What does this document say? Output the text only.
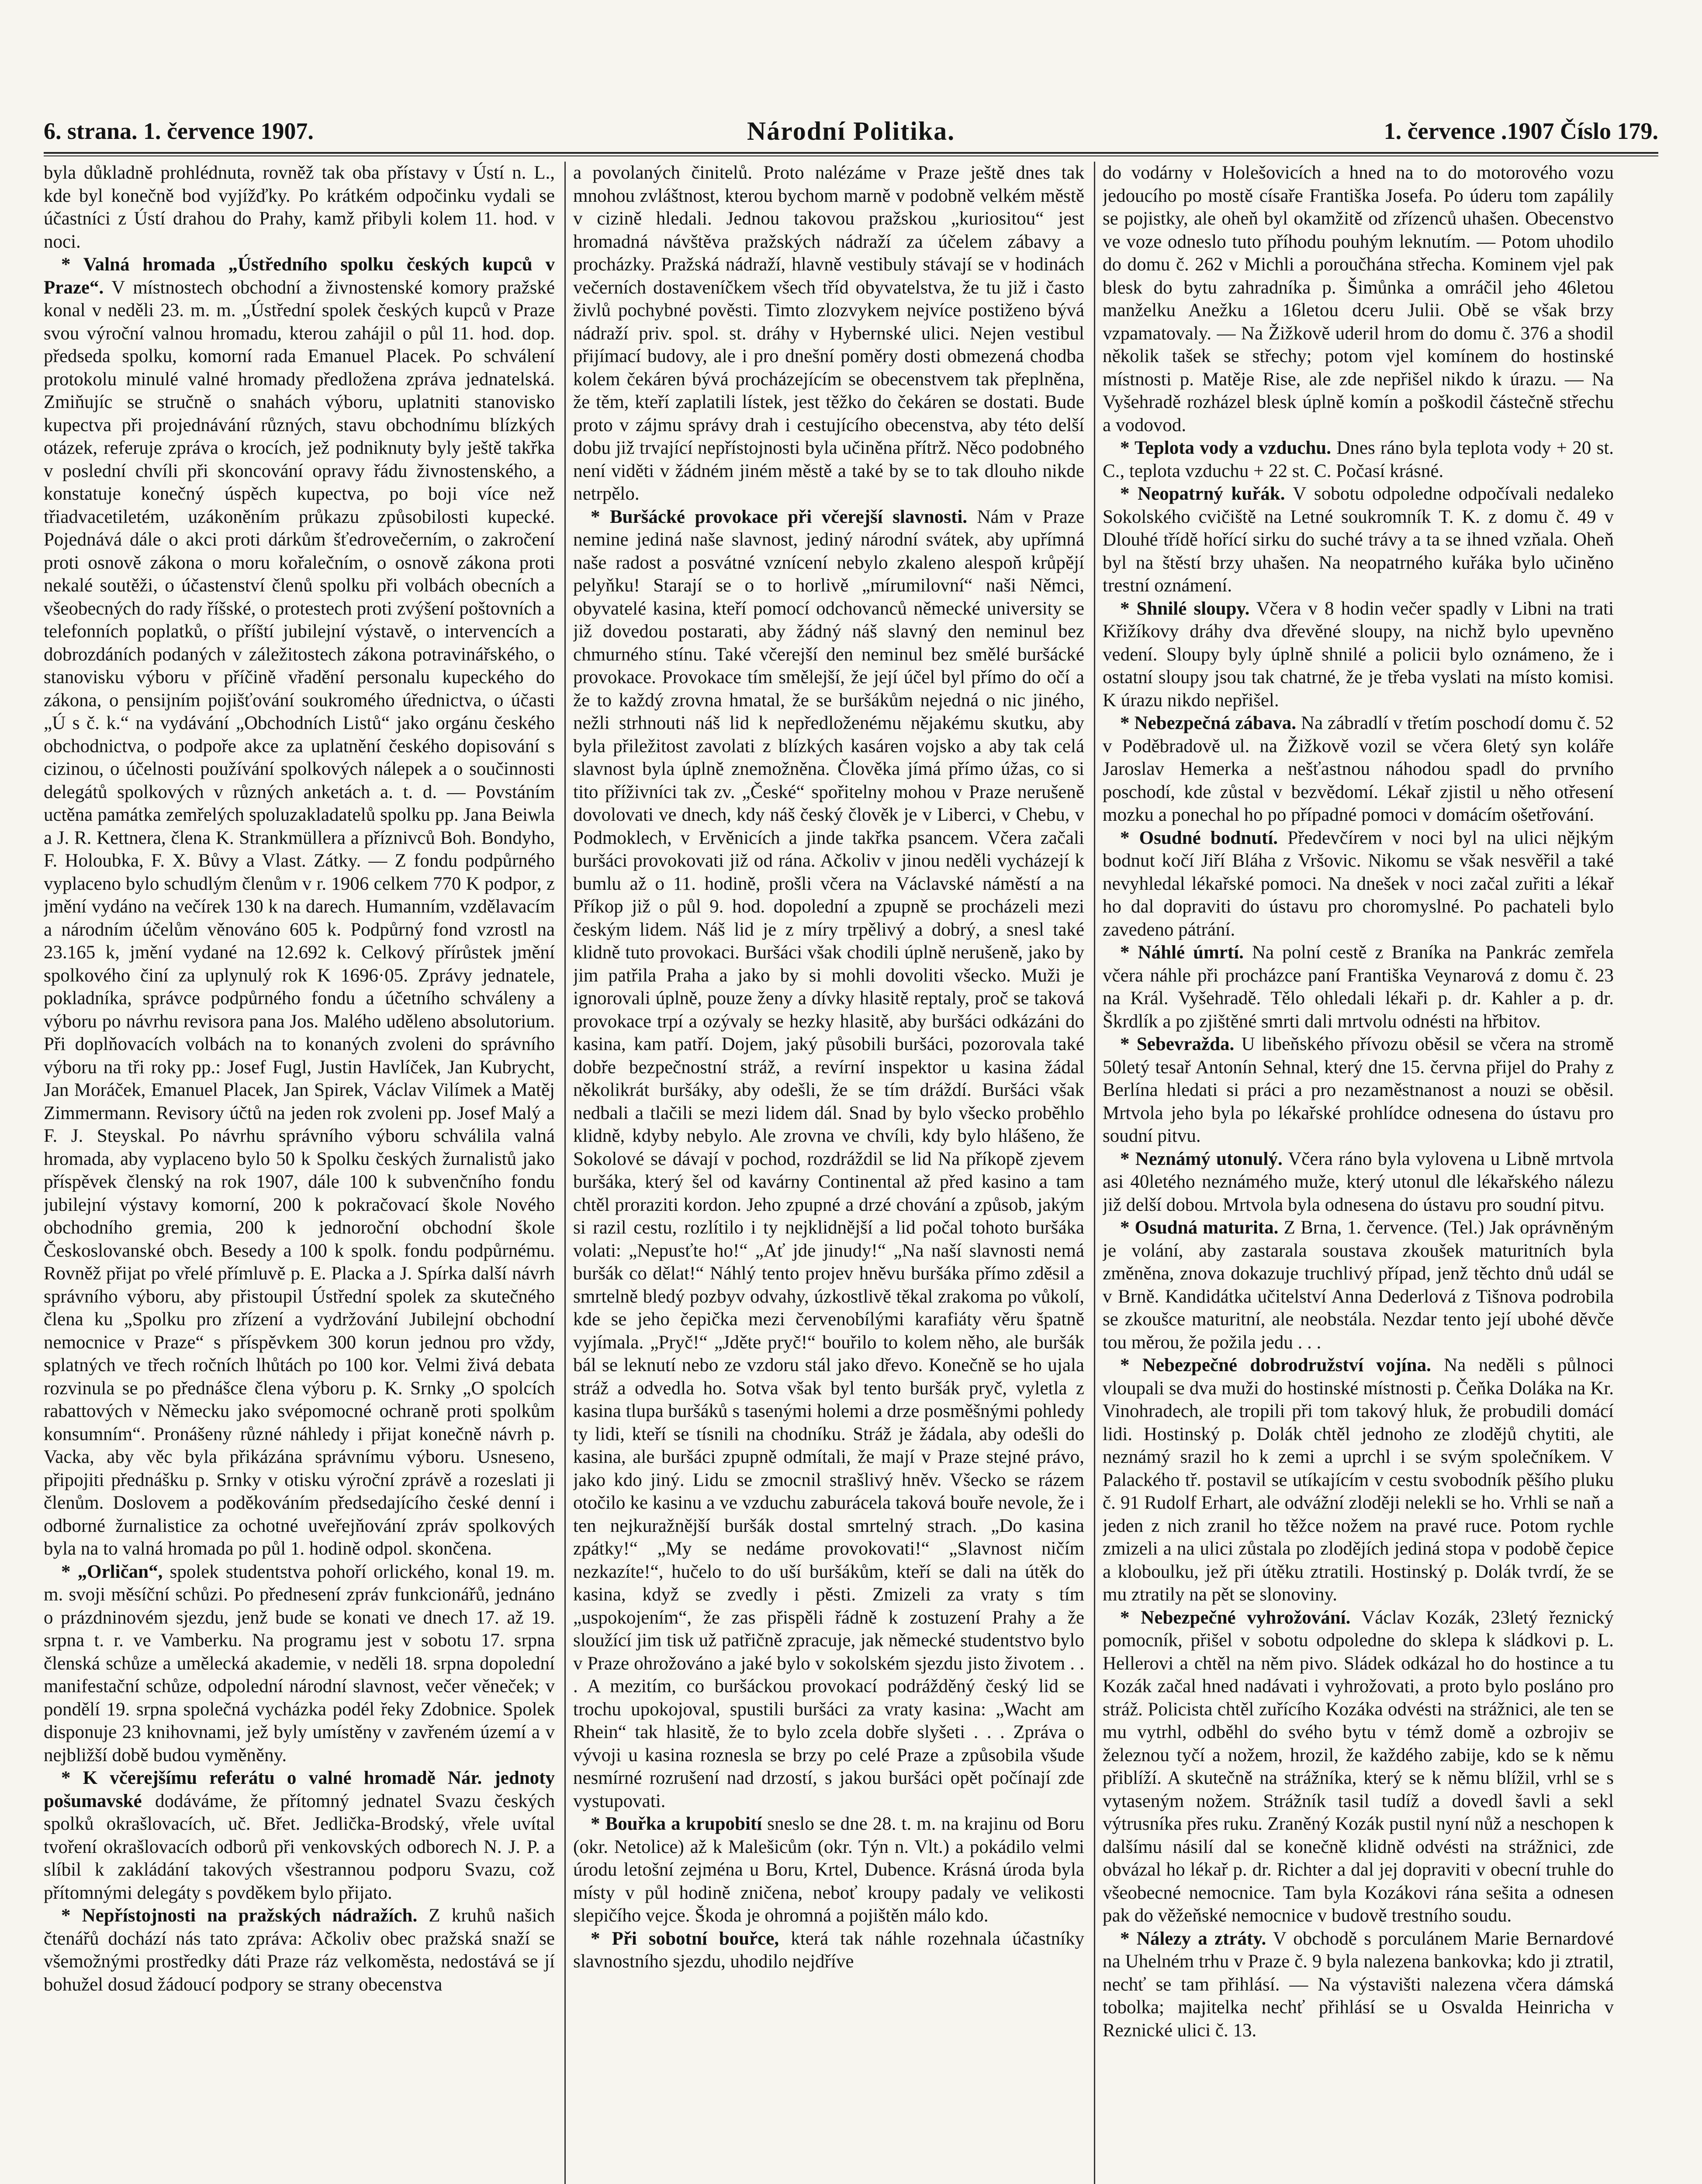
6. strana. 1. července 1907.	Národní Politika.	1. července .1907 Číslo 179.

byla důkladně prohlédnuta, rovněž tak oba přístavy v Ústí n. L., kde byl konečně bod vyjížďky. Po krátkém odpočinku vydali se účastníci z Ústí drahou do Prahy, kamž přibyli kolem 11. hod. v noci.

* Valná hromada „Ústředního spolku českých kupců v Praze“. V místnostech obchodní a živnostenské komory pražské konal v neděli 23. m. m. „Ústřední spolek českých kupců v Praze svou výroční valnou hromadu, kterou zahájil o půl 11. hod. dop. předseda spolku, komorní rada Emanuel Placek. Po schválení protokolu minulé valné hromady předložena zpráva jednatelská. Zmiňujíc se stručně o snahách výboru, uplatniti stanovisko kupectva při projednávání různých, stavu obchodnímu blízkých otázek, referuje zpráva o krocích, jež podniknuty byly ještě takřka v poslední chvíli při skoncování opravy řádu živnostenského, a konstatuje konečný úspěch kupectva, po boji více než třiadvacetiletém, uzákoněním průkazu způsobilosti kupecké. Pojednává dále o akci proti dárkům šťedrovečerním, o zakročení proti osnově zákona o moru kořalečním, o osnově zákona proti nekalé soutěži, o účastenství členů spolku při volbách obecních a všeobecných do rady říšské, o protestech proti zvýšení poštovních a telefonních poplatků, o příští jubilejní výstavě, o intervencích a dobrozdáních podaných v záležitostech zákona potravinářského, o stanovisku výboru v příčině vřadění personalu kupeckého do zákona, o pensijním pojišťování soukromého úřednictva, o účasti „Ú s č. k.“ na vydávání „Obchodních Listů“ jako orgánu českého obchodnictva, o podpoře akce za uplatnění českého dopisování s cizinou, o účelnosti používání spolkových nálepek a o součinnosti delegátů spolkových v různých anketách a. t. d. — Povstáním uctěna památka zemřelých spoluzakladatelů spolku pp. Jana Beiwla a J. R. Kettnera, člena K. Strankmüllera a příznivců Boh. Bondyho, F. Holoubka, F. X. Bůvy a Vlast. Zátky. — Z fondu podpůrného vyplaceno bylo schudlým členům v r. 1906 celkem 770 K podpor, z jmění vydáno na večírek 130 k na darech. Humanním, vzdělavacím a národním účelům věnováno 605 k. Podpůrný fond vzrostl na 23.165 k, jmění vydané na 12.692 k. Celkový přírůstek jmění spolkového činí za uplynulý rok K 1696·05. Zprávy jednatele, pokladníka, správce podpůrného fondu a účetního schváleny a výboru po návrhu revisora pana Jos. Malého uděleno absolutorium. Při doplňovacích volbách na to konaných zvoleni do správního výboru na tři roky pp.: Josef Fugl, Justin Havlíček, Jan Kubrycht, Jan Moráček, Emanuel Placek, Jan Spirek, Václav Vilímek a Matěj Zimmermann. Revisory účtů na jeden rok zvoleni pp. Josef Malý a F. J. Steyskal. Po návrhu správního výboru schválila valná hromada, aby vyplaceno bylo 50 k Spolku českých žurnalistů jako příspěvek členský na rok 1907, dále 100 k subvenčního fondu jubilejní výstavy komorní, 200 k pokračovací škole Nového obchodního gremia, 200 k jednoroční obchodní škole Českoslovanské obch. Besedy a 100 k spolk. fondu podpůrnému. Rovněž přijat po vřelé přímluvě p. E. Placka a J. Spírka další návrh správního výboru, aby přistoupil Ústřední spolek za skutečného člena ku „Spolku pro zřízení a vydržování Jubilejní obchodní nemocnice v Praze“ s příspěvkem 300 korun jednou pro vždy, splatných ve třech ročních lhůtách po 100 kor. Velmi živá debata rozvinula se po přednášce člena výboru p. K. Srnky „O spolcích rabattových v Německu jako svépomocné ochraně proti spolkům konsumním“. Pronášeny různé náhledy i přijat konečně návrh p. Vacka, aby věc byla přikázána správnímu výboru. Usneseno, připojiti přednášku p. Srnky v otisku výroční zprávě a rozeslati ji členům. Doslovem a poděkováním předsedajícího české denní i odborné žurnalistice za ochotné uveřejňování zpráv spolkových byla na to valná hromada po půl 1. hodině odpol. skončena.

* „Orličan“, spolek studentstva pohoří orlického, konal 19. m. m. svoji měsíční schůzi. Po přednesení zpráv funkcionářů, jednáno o prázdninovém sjezdu, jenž bude se konati ve dnech 17. až 19. srpna t. r. ve Vamberku. Na programu jest v sobotu 17. srpna členská schůze a umělecká akademie, v neděli 18. srpna dopolední manifestační schůze, odpolední národní slavnost, večer věneček; v pondělí 19. srpna společná vycházka podél řeky Zdobnice. Spolek disponuje 23 knihovnami, jež byly umístěny v zavřeném území a v nejbližší době budou vyměněny.

* K včerejšímu referátu o valné hromadě Nár. jednoty pošumavské dodáváme, že přítomný jednatel Svazu českých spolků okrašlovacích, uč. Břet. Jedlička-Brodský, vřele uvítal tvoření okrašlovacích odborů při venkovských odborech N. J. P. a slíbil k zakládání takových všestrannou podporu Svazu, což přítomnými delegáty s povděkem bylo přijato.

* Nepřístojnosti na pražských nádražích. Z kruhů našich čtenářů dochází nás tato zpráva: Ačkoliv obec pražská snaží se všemožnými prostředky dáti Praze ráz velkoměsta, nedostává se jí bohužel dosud žádoucí podpory se strany obecenstva

a povolaných činitelů. Proto nalézáme v Praze ještě dnes tak mnohou zvláštnost, kterou bychom marně v podobně velkém městě v cizině hledali. Jednou takovou pražskou „kuriositou“ jest hromadná návštěva pražských nádraží za účelem zábavy a procházky. Pražská nádraží, hlavně vestibuly stávají se v hodinách večerních dostaveníčkem všech tříd obyvatelstva, že tu již i často živlů pochybné pověsti. Timto zlozvykem nejvíce postiženo bývá nádraží priv. spol. st. dráhy v Hybernské ulici. Nejen vestibul přijímací budovy, ale i pro dnešní poměry dosti obmezená chodba kolem čekáren bývá procházejícím se obecenstvem tak přeplněna, že těm, kteří zaplatili lístek, jest těžko do čekáren se dostati. Bude proto v zájmu správy drah i cestujícího obecenstva, aby této delší dobu již trvající nepřístojnosti byla učiněna přítrž. Něco podobného není viděti v žádném jiném městě a také by se to tak dlouho nikde netrpělo.

* Buršácké provokace při včerejší slavnosti. Nám v Praze nemine jediná naše slavnost, jediný národní svátek, aby upřímná naše radost a posvátné vznícení nebylo zkaleno alespoň krůpějí pelyňku! Starají se o to horlivě „mírumilovní“ naši Němci, obyvatelé kasina, kteří pomocí odchovanců německé university se již dovedou postarati, aby žádný náš slavný den neminul bez chmurného stínu. Také včerejší den neminul bez smělé buršácké provokace. Provokace tím smělejší, že její účel byl přímo do očí a že to každý zrovna hmatal, že se buršákům nejedná o nic jiného, nežli strhnouti náš lid k nepředloženému nějakému skutku, aby byla přiležitost zavolati z blízkých kasáren vojsko a aby tak celá slavnost byla úplně znemožněna. Člověka jímá přímo úžas, co si tito příživníci tak zv. „České“ spořitelny mohou v Praze nerušeně dovolovati ve dnech, kdy náš český člověk je v Liberci, v Chebu, v Podmoklech, v Ervěnicích a jinde takřka psancem. Včera začali buršáci provokovati již od rána. Ačkoliv v jinou neděli vycházejí k bumlu až o 11. hodině, prošli včera na Václavské náměstí a na Příkop již o půl 9. hod. dopolední a zpupně se procházeli mezi českým lidem. Náš lid je z míry trpělivý a dobrý, a snesl také klidně tuto provokaci. Buršáci však chodili úplně nerušeně, jako by jim patřila Praha a jako by si mohli dovoliti všecko. Muži je ignorovali úplně, pouze ženy a dívky hlasitě reptaly, proč se taková provokace trpí a ozývaly se hezky hlasitě, aby buršáci odkázáni do kasina, kam patří. Dojem, jaký působili buršáci, pozorovala také dobře bezpečnostní stráž, a revírní inspektor u kasina žádal několikrát buršáky, aby odešli, že se tím dráždí. Buršáci však nedbali a tlačili se mezi lidem dál. Snad by bylo všecko proběhlo klidně, kdyby nebylo. Ale zrovna ve chvíli, kdy bylo hlášeno, že Sokolové se dávají v pochod, rozdráždil se lid Na příkopě zjevem buršáka, který šel od kavárny Continental až před kasino a tam chtěl proraziti kordon. Jeho zpupné a drzé chování a způsob, jakým si razil cestu, rozlítilo i ty nejklidnější a lid počal tohoto buršáka volati: „Nepusťte ho!“ „Ať jde jinudy!“ „Na naší slavnosti nemá buršák co dělat!“ Náhlý tento projev hněvu buršáka přímo zděsil a smrtelně bledý pozbyv odvahy, úzkostlivě těkal zrakoma po vůkolí, kde se jeho čepička mezi červenobílými karafiáty věru špatně vyjímala. „Pryč!“ „Jděte pryč!“ bouřilo to kolem něho, ale buršák bál se leknutí nebo ze vzdoru stál jako dřevo. Konečně se ho ujala stráž a odvedla ho. Sotva však byl tento buršák pryč, vyletla z kasina tlupa buršáků s tasenými holemi a drze posměšnými pohledy ty lidi, kteří se tísnili na chodníku. Stráž je žádala, aby odešli do kasina, ale buršáci zpupně odmítali, že mají v Praze stejné právo, jako kdo jiný. Lidu se zmocnil strašlivý hněv. Všecko se rázem otočilo ke kasinu a ve vzduchu zaburácela taková bouře nevole, že i ten nejkuražnější buršák dostal smrtelný strach. „Do kasina zpátky!“ „My se nedáme provokovati!“ „Slavnost ničím nezkazíte!“, hučelo to do uší buršákům, kteří se dali na útěk do kasina, když se zvedly i pěsti. Zmizeli za vraty s tím „uspokojením“, že zas přispěli řádně k zostuzení Prahy a že sloužící jim tisk už patřičně zpracuje, jak německé studentstvo bylo v Praze ohrožováno a jaké bylo v sokolském sjezdu jisto životem . . . A mezitím, co buršáckou provokací podrážděný český lid se trochu upokojoval, spustili buršáci za vraty kasina: „Wacht am Rhein“ tak hlasitě, že to bylo zcela dobře slyšeti . . . Zpráva o vývoji u kasina roznesla se brzy po celé Praze a způsobila všude nesmírné rozrušení nad drzostí, s jakou buršáci opět počínají zde vystupovati.

* Bouřka a krupobití sneslo se dne 28. t. m. na krajinu od Boru (okr. Netolice) až k Malešicům (okr. Týn n. Vlt.) a pokádilo velmi úrodu letošní zejména u Boru, Krtel, Dubence. Krásná úroda byla místy v půl hodině zničena, neboť kroupy padaly ve velikosti slepičího vejce. Škoda je ohromná a pojištěn málo kdo.

* Při sobotní bouřce, která tak náhle rozehnala účastníky slavnostního sjezdu, uhodilo nejdříve

do vodárny v Holešovicích a hned na to do motorového vozu jedoucího po mostě císaře Františka Josefa. Po úderu tom zapálily se pojistky, ale oheň byl okamžitě od zřízenců uhašen. Obecenstvo ve voze odneslo tuto příhodu pouhým leknutím. — Potom uhodilo do domu č. 262 v Michli a poroučhána střecha. Kominem vjel pak blesk do bytu zahradníka p. Šimůnka a omráčil jeho 46letou manželku Anežku a 16letou dceru Julii. Obě se však brzy vzpamatovaly. — Na Žižkově uderil hrom do domu č. 376 a shodil několik tašek se střechy; potom vjel komínem do hostinské místnosti p. Matěje Rise, ale zde nepřišel nikdo k úrazu. — Na Vyšehradě rozházel blesk úplně komín a poškodil částečně střechu a vodovod.

* Teplota vody a vzduchu. Dnes ráno byla teplota vody + 20 st. C., teplota vzduchu + 22 st. C. Počasí krásné.

* Neopatrný kuřák. V sobotu odpoledne odpočívali nedaleko Sokolského cvičiště na Letné soukromník T. K. z domu č. 49 v Dlouhé třídě hořící sirku do suché trávy a ta se ihned vzňala. Oheň byl na štěstí brzy uhašen. Na neopatrného kuřáka bylo učiněno trestní oznámení.

* Shnilé sloupy. Včera v 8 hodin večer spadly v Libni na trati Křižíkovy dráhy dva dřevěné sloupy, na nichž bylo upevněno vedení. Sloupy byly úplně shnilé a policii bylo oznámeno, že i ostatní sloupy jsou tak chatrné, že je třeba vyslati na místo komisi. K úrazu nikdo nepřišel.

* Nebezpečná zábava. Na zábradlí v třetím poschodí domu č. 52 v Poděbradově ul. na Žižkově vozil se včera 6letý syn koláře Jaroslav Hemerka a nešťastnou náhodou spadl do prvního poschodí, kde zůstal v bezvědomí. Lékař zjistil u něho otřesení mozku a ponechal ho po případné pomoci v domácím ošetřování.

* Osudné bodnutí. Předevčírem v noci byl na ulici nějkým bodnut kočí Jiří Bláha z Vršovic. Nikomu se však nesvěřil a také nevyhledal lékařské pomoci. Na dnešek v noci začal zuřiti a lékař ho dal dopraviti do ústavu pro choromyslné. Po pachateli bylo zavedeno pátrání.

* Náhlé úmrtí. Na polní cestě z Braníka na Pankrác zemřela včera náhle při procházce paní Františka Veynarová z domu č. 23 na Král. Vyšehradě. Tělo ohledali lékaři p. dr. Kahler a p. dr. Škrdlík a po zjištěné smrti dali mrtvolu odnésti na hřbitov.

* Sebevražda. U libeňského přívozu oběsil se včera na stromě 50letý tesař Antonín Sehnal, který dne 15. června přijel do Prahy z Berlína hledati si práci a pro nezaměstnanost a nouzi se oběsil. Mrtvola jeho byla po lékařské prohlídce odnesena do ústavu pro soudní pitvu.

* Neznámý utonulý. Včera ráno byla vylovena u Libně mrtvola asi 40letého neznámého muže, který utonul dle lékařského nálezu již delší dobou. Mrtvola byla odnesena do ústavu pro soudní pitvu.

* Osudná maturita. Z Brna, 1. července. (Tel.) Jak oprávněným je volání, aby zastarala soustava zkoušek maturitních byla změněna, znova dokazuje truchlivý případ, jenž těchto dnů udál se v Brně. Kandidátka učitelství Anna Dederlová z Tišnova podrobila se zkoušce maturitní, ale neobstála. Nezdar tento její ubohé děvče tou měrou, že požila jedu . . .

* Nebezpečné dobrodružství vojína. Na neděli s půlnoci vloupali se dva muži do hostinské místnosti p. Čeňka Doláka na Kr. Vinohradech, ale tropili při tom takový hluk, že probudili domácí lidi. Hostinský p. Dolák chtěl jednoho ze zlodějů chytiti, ale neznámý srazil ho k zemi a uprchl i se svým společníkem. V Palackého tř. postavil se utíkajícím v cestu svobodník pěšího pluku č. 91 Rudolf Erhart, ale odvážní zloději nelekli se ho. Vrhli se naň a jeden z nich zranil ho těžce nožem na pravé ruce. Potom rychle zmizeli a na ulici zůstala po zlodějích jediná stopa v podobě čepice a kloboulku, jež při útěku ztratili. Hostinský p. Dolák tvrdí, že se mu ztratily na pět se slonoviny.

* Nebezpečné vyhrožování. Václav Kozák, 23letý řeznický pomocník, přišel v sobotu odpoledne do sklepa k sládkovi p. L. Hellerovi a chtěl na něm pivo. Sládek odkázal ho do hostince a tu Kozák začal hned nadávati i vyhrožovati, a proto bylo posláno pro stráž. Policista chtěl zuřícího Kozáka odvésti na strážnici, ale ten se mu vytrhl, odběhl do svého bytu v témž domě a ozbrojiv se železnou tyčí a nožem, hrozil, že každého zabije, kdo se k němu přiblíží. A skutečně na strážníka, který se k němu blížil, vrhl se s vytaseným nožem. Strážník tasil tudíž a dovedl šavli a sekl výtrusníka přes ruku. Zraněný Kozák pustil nyní nůž a neschopen k dalšímu násilí dal se konečně klidně odvésti na strážnici, zde obvázal ho lékař p. dr. Richter a dal jej dopraviti v obecní truhle do všeobecné nemocnice. Tam byla Kozákovi rána sešita a odnesen pak do věžeňské nemocnice v budově trestního soudu.

* Nálezy a ztráty. V obchodě s porculánem Marie Bernardové na Uhelném trhu v Praze č. 9 byla nalezena bankovka; kdo ji ztratil, nechť se tam přihlásí. — Na výstavišti nalezena včera dámská tobolka; majitelka nechť přihlásí se u Osvalda Heinricha v Reznické ulici č. 13.
